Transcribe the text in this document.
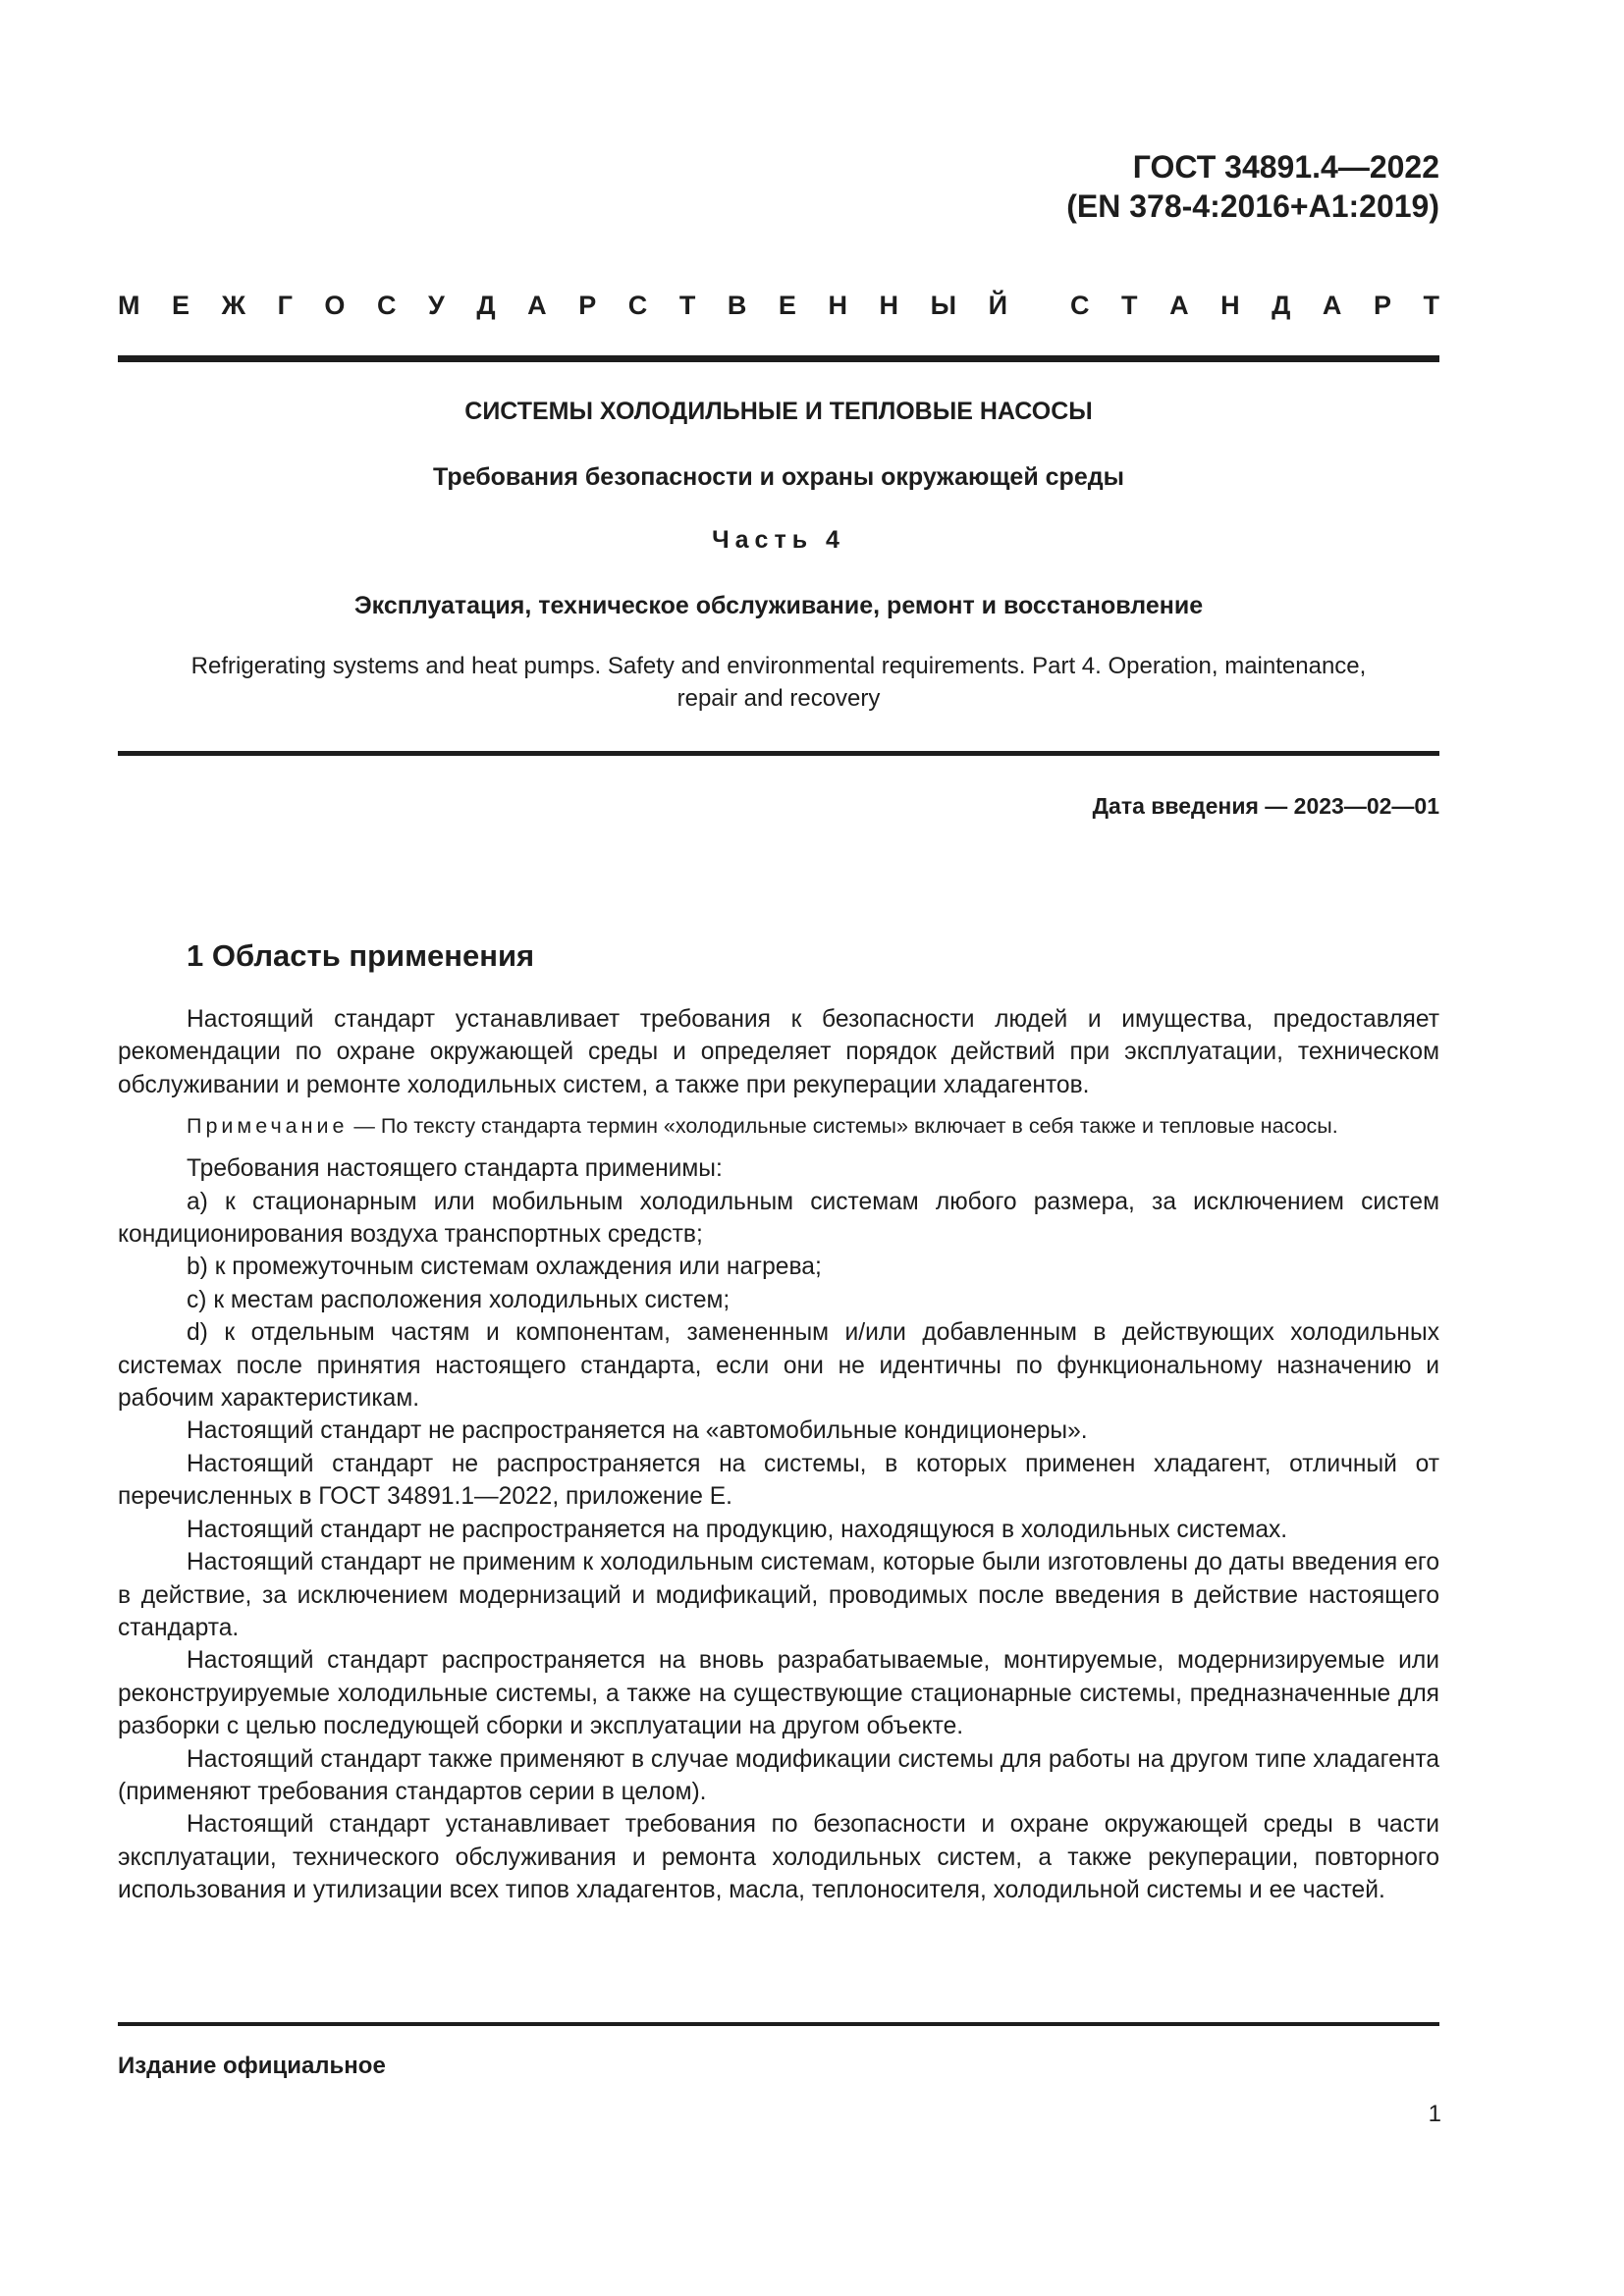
ГОСТ 34891.4—2022
(EN 378-4:2016+A1:2019)
М Е Ж Г О С У Д А Р С Т В Е Н Н Ы Й С Т А Н Д А Р Т
СИСТЕМЫ ХОЛОДИЛЬНЫЕ И ТЕПЛОВЫЕ НАСОСЫ
Требования безопасности и охраны окружающей среды
Часть 4
Эксплуатация, техническое обслуживание, ремонт и восстановление
Refrigerating systems and heat pumps. Safety and environmental requirements. Part 4. Operation, maintenance,
repair and recovery
Дата введения — 2023—02—01
1 Область применения

Настоящий стандарт устанавливает требования к безопасности людей и имущества, предоставляет рекомендации по охране окружающей среды и определяет порядок действий при эксплуатации, техническом обслуживании и ремонте холодильных систем, а также при рекуперации хладагентов.

Примечание — По тексту стандарта термин «холодильные системы» включает в себя также и тепловые насосы.

Требования настоящего стандарта применимы:

а) к стационарным или мобильным холодильным системам любого размера, за исключением систем кондиционирования воздуха транспортных средств;

b) к промежуточным системам охлаждения или нагрева;

с) к местам расположения холодильных систем;

d) к отдельным частям и компонентам, замененным и/или добавленным в действующих холодильных системах после принятия настоящего стандарта, если они не идентичны по функциональному назначению и рабочим характеристикам.

Настоящий стандарт не распространяется на «автомобильные кондиционеры».

Настоящий стандарт не распространяется на системы, в которых применен хладагент, отличный от перечисленных в ГОСТ 34891.1—2022, приложение Е.

Настоящий стандарт не распространяется на продукцию, находящуюся в холодильных системах.

Настоящий стандарт не применим к холодильным системам, которые были изготовлены до даты введения его в действие, за исключением модернизаций и модификаций, проводимых после введения в действие настоящего стандарта.

Настоящий стандарт распространяется на вновь разрабатываемые, монтируемые, модернизируемые или реконструируемые холодильные системы, а также на существующие стационарные системы, предназначенные для разборки с целью последующей сборки и эксплуатации на другом объекте.

Настоящий стандарт также применяют в случае модификации системы для работы на другом типе хладагента (применяют требования стандартов серии в целом).

Настоящий стандарт устанавливает требования по безопасности и охране окружающей среды в части эксплуатации, технического обслуживания и ремонта холодильных систем, а также рекуперации, повторного использования и утилизации всех типов хладагентов, масла, теплоносителя, холодильной системы и ее частей.

Издание официальное
1
